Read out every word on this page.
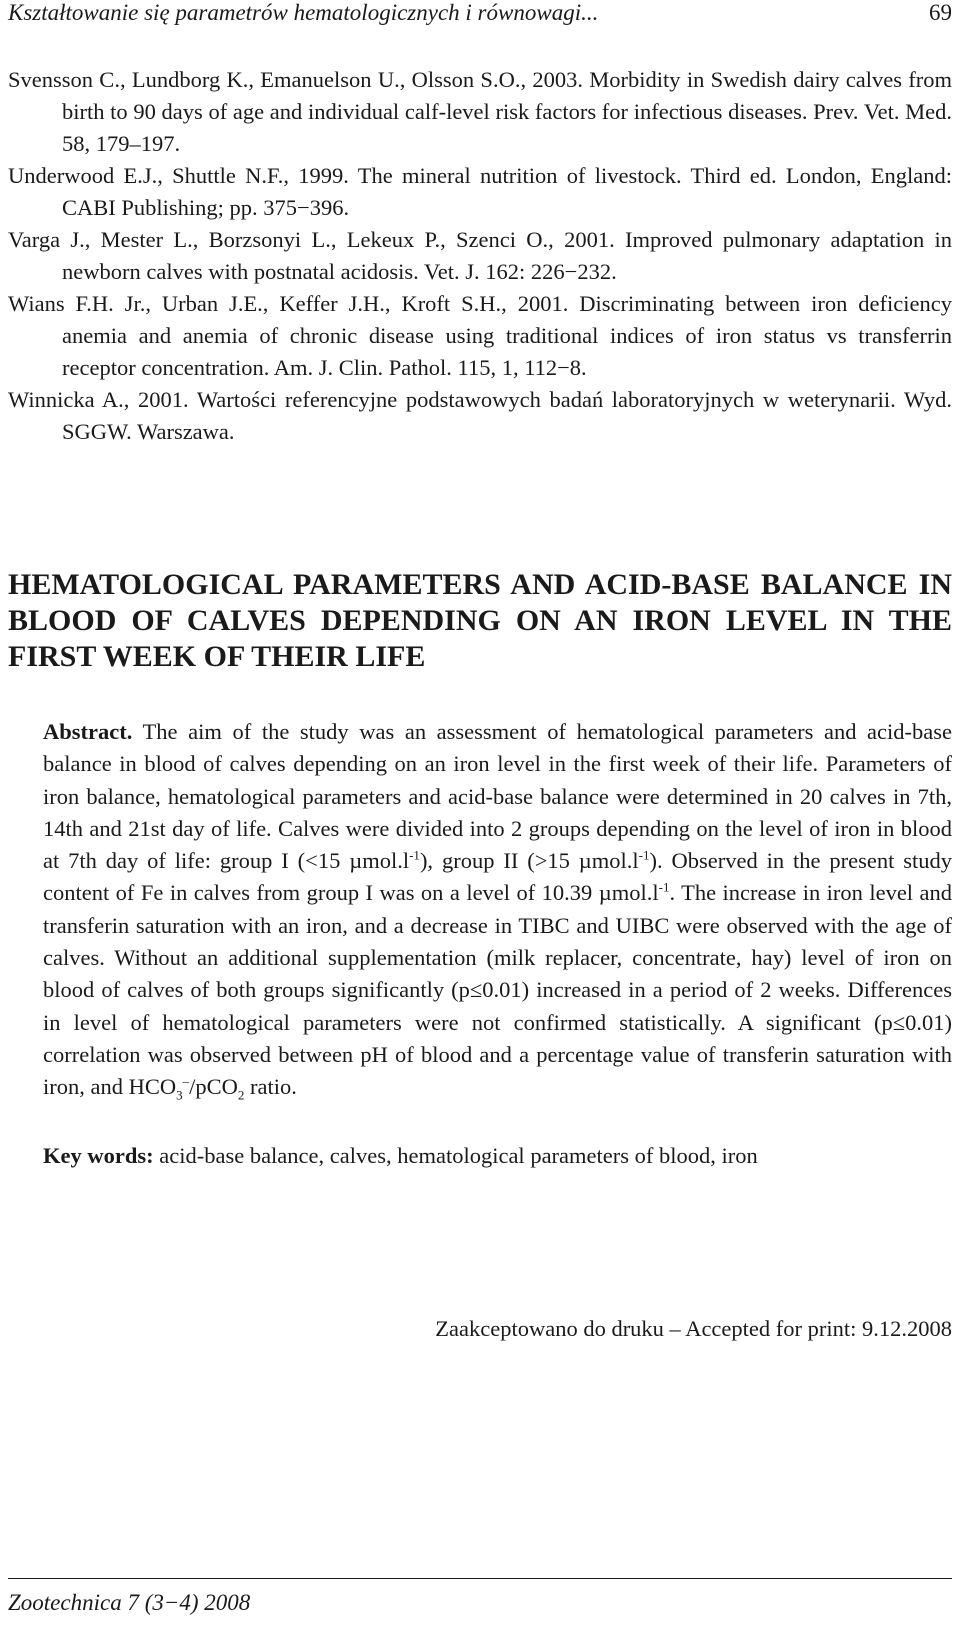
Kształtowanie się parametrów hematologicznych i równowagi...	69

Svensson C., Lundborg K., Emanuelson U., Olsson S.O., 2003. Morbidity in Swedish dairy calves from birth to 90 days of age and individual calf-level risk factors for infectious diseases. Prev. Vet. Med. 58, 179–197.

Underwood E.J., Shuttle N.F., 1999. The mineral nutrition of livestock. Third ed. London, England: CABI Publishing; pp. 375−396.

Varga J., Mester L., Borzsonyi L., Lekeux P., Szenci O., 2001. Improved pulmonary adaptation in newborn calves with postnatal acidosis. Vet. J. 162: 226−232.

Wians F.H. Jr., Urban J.E., Keffer J.H., Kroft S.H., 2001. Discriminating between iron deficiency anemia and anemia of chronic disease using traditional indices of iron status vs transferrin receptor concentration. Am. J. Clin. Pathol. 115, 1, 112−8.

Winnicka A., 2001. Wartości referencyjne podstawowych badań laboratoryjnych w weterynarii. Wyd. SGGW. Warszawa.

HEMATOLOGICAL PARAMETERS AND ACID-BASE BALANCE IN BLOOD OF CALVES DEPENDING ON AN IRON LEVEL IN THE FIRST WEEK OF THEIR LIFE

Abstract. The aim of the study was an assessment of hematological parameters and acid-base balance in blood of calves depending on an iron level in the first week of their life. Parameters of iron balance, hematological parameters and acid-base balance were determined in 20 calves in 7th, 14th and 21st day of life. Calves were divided into 2 groups depending on the level of iron in blood at 7th day of life: group I (<15 $\mu mol.l^{-1}$), group II (>15 $\mu mol.l^{-1}$). Observed in the present study content of Fe in calves from group I was on a level of 10.39 $\mu mol.l^{-1}$. The increase in iron level and transferin saturation with an iron, and a decrease in TIBC and UIBC were observed with the age of calves. Without an additional supplementation (milk replacer, concentrate, hay) level of iron on blood of calves of both groups significantly (p≤0.01) increased in a period of 2 weeks. Differences in level of hematological parameters were not confirmed statistically. A significant (p≤0.01) correlation was observed between pH of blood and a percentage value of transferin saturation with iron, and $HCO_3^-/pCO_2$ ratio.

Key words: acid-base balance, calves, hematological parameters of blood, iron

Zaakceptowano do druku – Accepted for print: 9.12.2008
Zootechnica 7 (3−4) 2008
